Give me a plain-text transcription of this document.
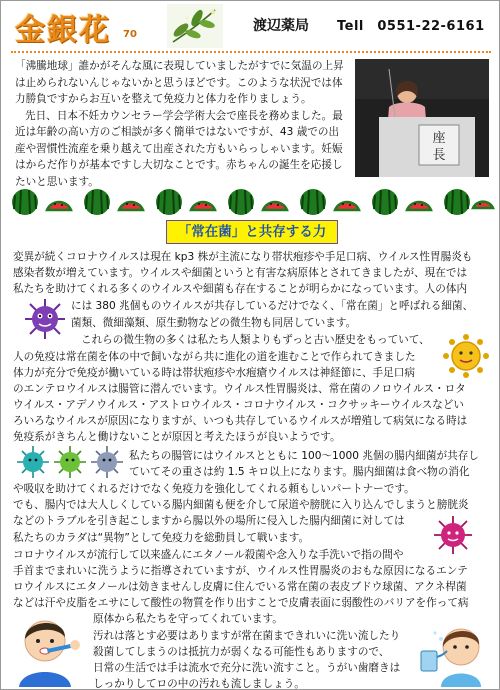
金銀花 70
渡辺薬局 Tell　0551-22-6161
「沸騰地球」誰かがそんな風に表現していましたがすでに気温の上昇は止められないんじゃないかと思うほどです。このような状況では体力勝負ですからお互いを整えて免疫力と体力を作りましょう。
先日、日本不妊カウンセラー学会学術大会で座長を務めました。最近は年齢の高い方のご相談が多く簡単ではないですが、43 歳での出産や習慣性流産を乗り越えて出産された方もいらっしゃいます。妊娠はからだ作りが基本ですし大切なことです。赤ちゃんの誕生を応援したいと思います。
座
長
「常在菌」と共存する力

変異が続くコロナウイルスは現在 kp3 株が主流になり帯状疱疹や手足口病、ウイルス性胃腸炎も

感染者数が増えています。ウイルスや細菌というと有害な病原体とされてきましたが、現在では

私たちを助けてくれる多くのウイルスや細菌も存在することが明らかになっています。人の体内

には 380 兆個ものウイルスが共存しているだけでなく、「常在菌」と呼ばれる細菌、

菌類、微細藻類、原生動物などの微生物も同居しています。

これらの微生物の多くは私たち人類よりもずっと古い歴史をもっていて、

人の免疫は常在菌を体の中で飼いながら共に進化の道を進むことで作られてきました

体力が充分で免疫が働いている時は帯状疱疹や水疱瘡ウイルスは神経節に、手足口病

のエンテロウイルスは腸管に潜んでいます。ウイルス性胃腸炎は、常在菌のノロウイルス・ロタ

ウイルス・アデノウイルス・アストロウイルス・コロナウイルス・コクサッキーウイルスなどい

ろいろなウイルスが原因になりますが、いつも共存しているウイルスが増殖して病気になる時は

免疫系がきちんと働けないことが原因と考えたほうが良いようです。

私たちの腸管にはウイルスとともに 100～1000 兆個の腸内細菌が共存し

ていてその重さは約 1.5 キロ以上になります。腸内細菌は食べ物の消化

や吸収を助けてくれるだけでなく免疫力を強化してくれる頼もしいパートナーです。

でも、腸内では大人しくしている腸内細菌も便を介して尿道や膀胱に入り込んでしまうと膀胱炎

などのトラブルを引き起こしますから腸以外の場所に侵入した腸内細菌に対しては

私たちのカラダは“異物”として免疫力を総動員して戦います。

コロナウイルスが流行して以来盛んにエタノール殺菌や念入りな手洗いで指の間や

手首までまれいに洗うように指導されていますが、ウイルス性胃腸炎のおもな原因になるエンテ

ロウイルスにエタノールは効きませんし皮膚に住んでいる常在菌の表皮ブドウ球菌、アクネ桿菌

などは汗や皮脂をエサにして酸性の物質を作り出すことで皮膚表面に弱酸性のバリアを作って病

原体から私たちを守ってくれています。

汚れは落とす必要はありますが常在菌まできれいに洗い流したり

殺菌してしまうのは抵抗力が弱くなる可能性もありますので、

日常の生活では手は流水で充分に洗い流すこと。うがい歯磨きは

しっかりしてロの中の汚れも流しましょう。
